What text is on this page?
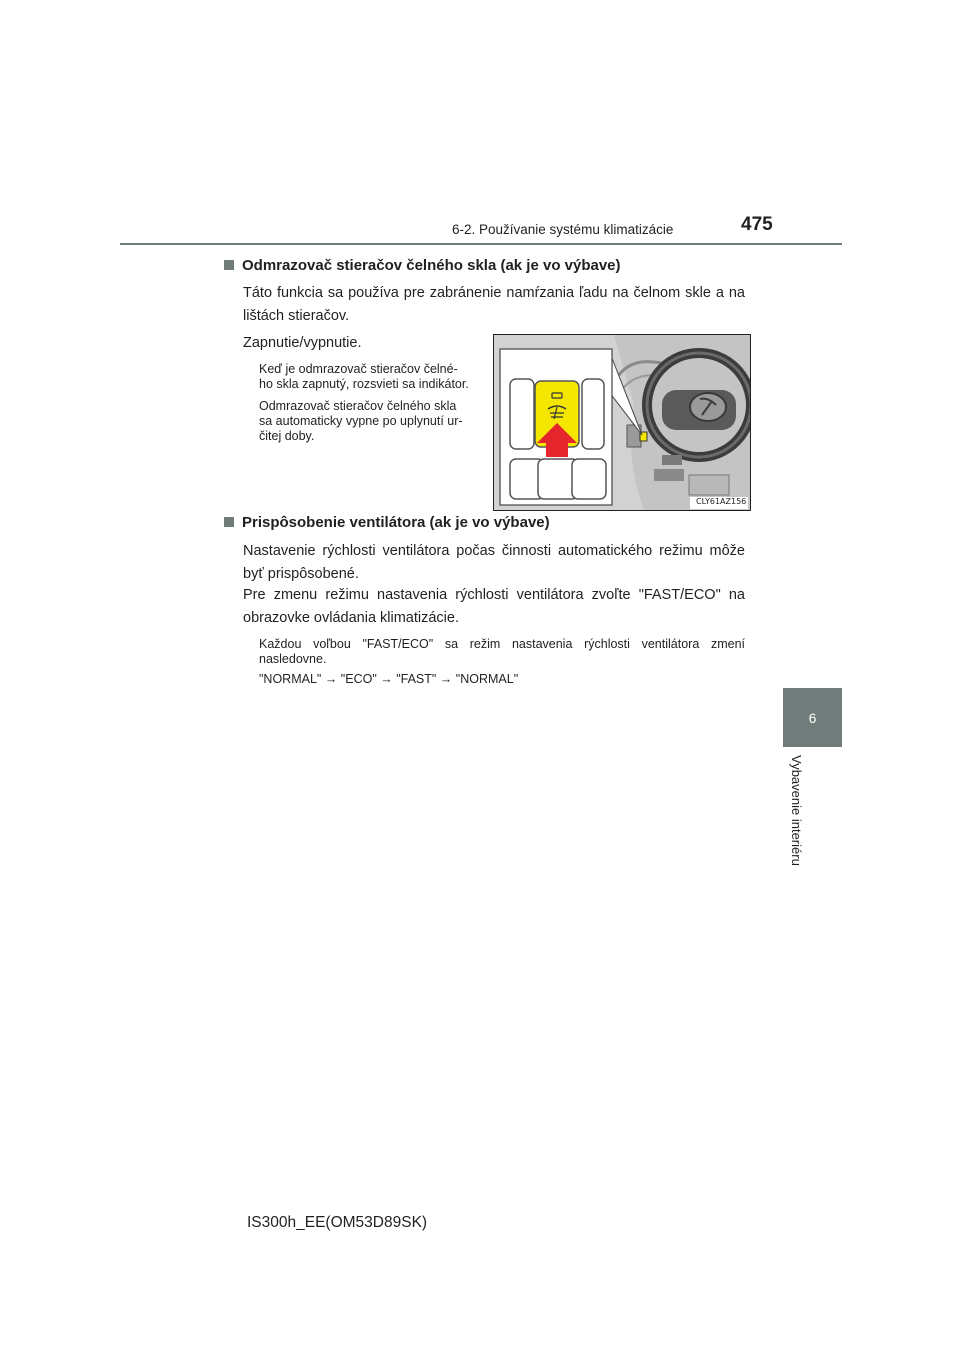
6-2. Používanie systému klimatizácie	475
6
Vybavenie interiéru
Odmrazovač stieračov čelného skla (ak je vo výbave)
Táto funkcia sa používa pre zabránenie namŕzania ľadu na čelnom skle a na lištách stieračov.
Zapnutie/vypnutie.
Keď je odmrazovač stieračov čelné-
ho skla zapnutý, rozsvieti sa indikátor.
Odmrazovač stieračov čelného skla
sa automaticky vypne po uplynutí ur-
čitej doby.
CLY61AZ156
Prispôsobenie ventilátora (ak je vo výbave)
Nastavenie rýchlosti ventilátora počas činnosti automatického režimu môže byť prispôsobené.
Pre zmenu režimu nastavenia rýchlosti ventilátora zvoľte "FAST/ECO" na obrazovke ovládania klimatizácie.
Každou voľbou "FAST/ECO" sa režim nastavenia rýchlosti ventilátora zmení nasledovne.
"NORMAL" → "ECO" → "FAST" → "NORMAL"
IS300h_EE(OM53D89SK)
